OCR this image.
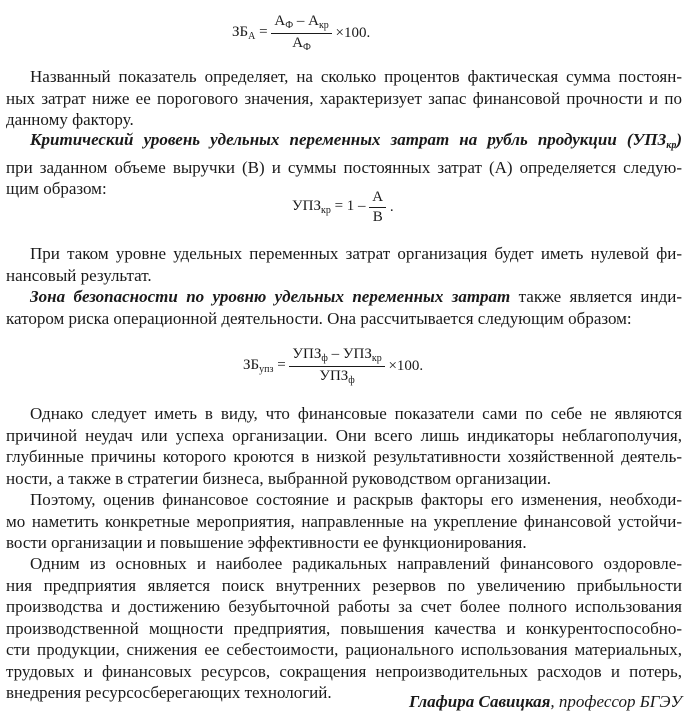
$ЗБ_А = \frac{А_Ф - А_{кр}}{А_Ф} \times 100$.
Названный показатель определяет, на сколько процентов фактическая сумма постоян-
ных затрат ниже ее порогового значения, характеризует запас финансовой прочности и по
данному фактору.
Критический уровень удельных переменных затрат на рубль продукции $(УПЗ_{кр})$
при заданном объеме выручки (В) и суммы постоянных затрат (А) определяется следую-
щим образом:
$УПЗ_{кр} = 1 - \frac{А}{В}$ .
При таком уровне удельных переменных затрат организация будет иметь нулевой фи-
нансовый результат.
Зона безопасности по уровню удельных переменных затрат также является инди-
катором риска операционной деятельности. Она рассчитывается следующим образом:
$ЗБ_{упз} = \frac{УПЗ_ф - УПЗ_{кр}}{УПЗ_ф} \times 100$.
Однако следует иметь в виду, что финансовые показатели сами по себе не являются
причиной неудач или успеха организации. Они всего лишь индикаторы неблагополучия,
глубинные причины которого кроются в низкой результативности хозяйственной деятель-
ности, а также в стратегии бизнеса, выбранной руководством организации.
Поэтому, оценив финансовое состояние и раскрыв факторы его изменения, необходи-
мо наметить конкретные мероприятия, направленные на укрепление финансовой устойчи-
вости организации и повышение эффективности ее функционирования.
Одним из основных и наиболее радикальных направлений финансового оздоровле-
ния предприятия является поиск внутренних резервов по увеличению прибыльности
производства и достижению безубыточной работы за счет более полного использования
производственной мощности предприятия, повышения качества и конкурентоспособно-
сти продукции, снижения ее себестоимости, рационального использования материальных,
трудовых и финансовых ресурсов, сокращения непроизводительных расходов и потерь,
внедрения ресурсосберегающих технологий.	Глафира Савицкая, профессор БГЭУ
